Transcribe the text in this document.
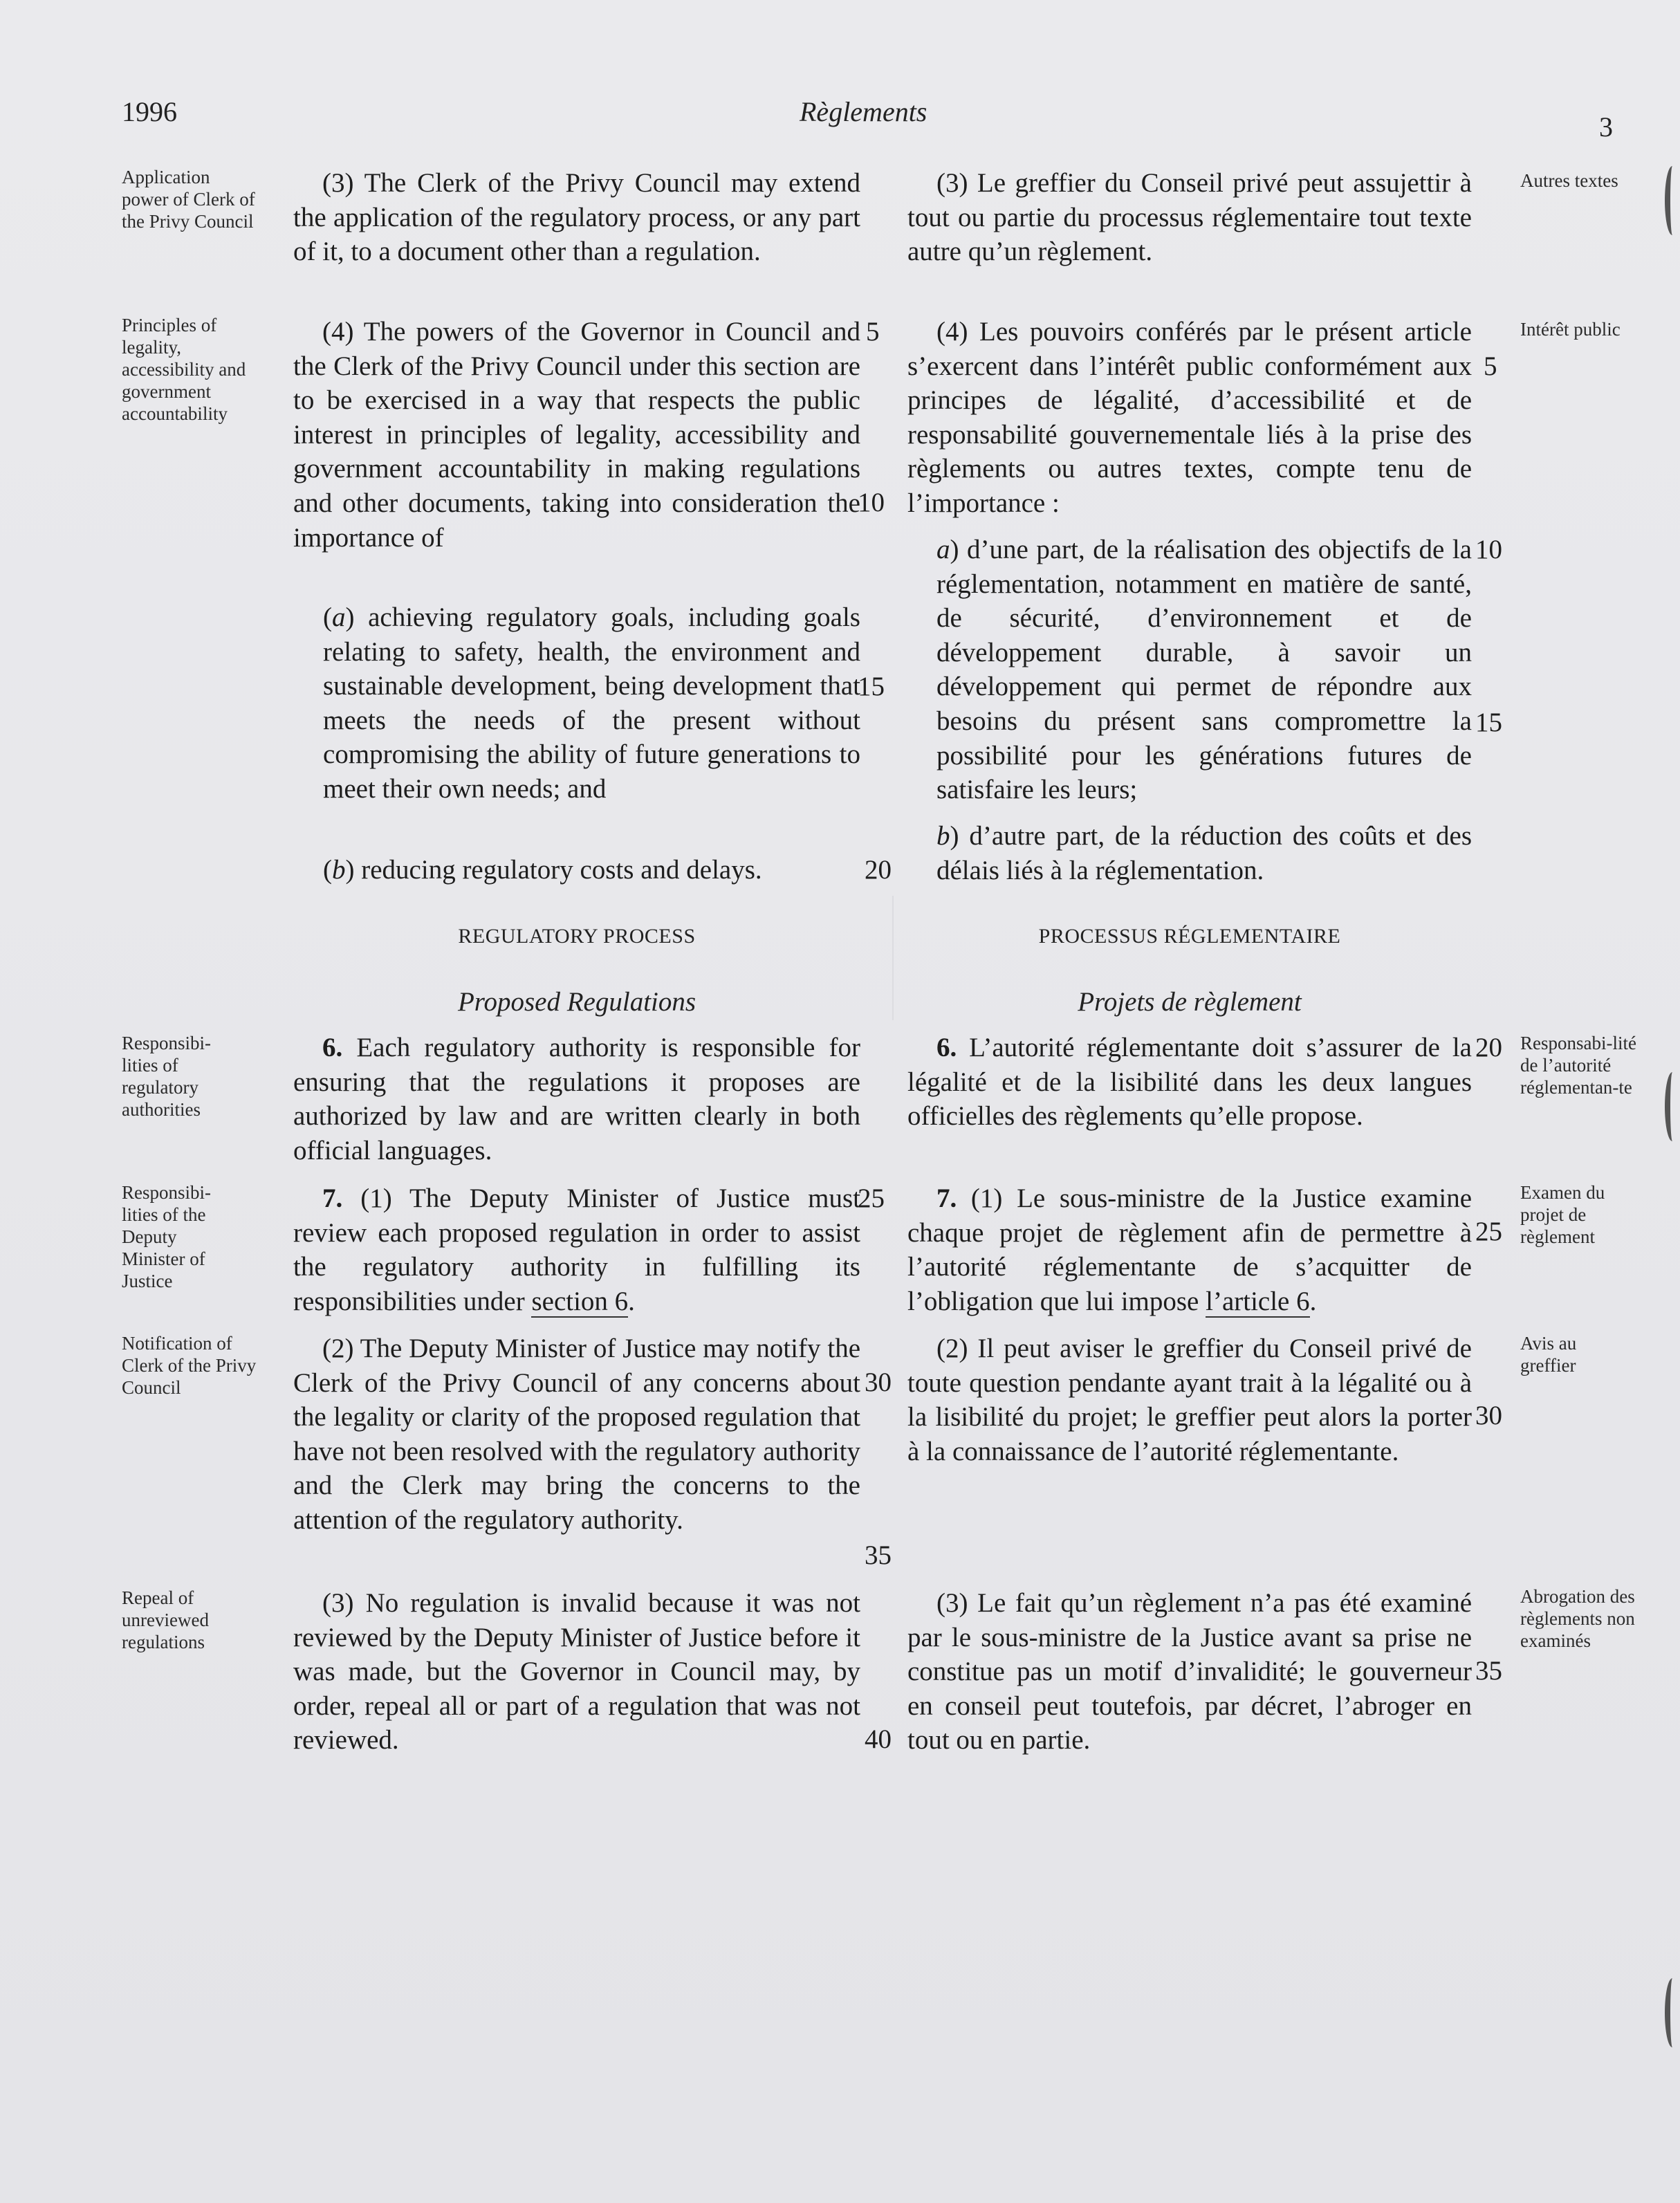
1996	Règlements	3
Application power of Clerk of the Privy Council
Principles of legality, accessibility and government accountability
Responsibi-lities of regulatory authorities
Responsibi-lities of the Deputy Minister of Justice
Notification of Clerk of the Privy Council
Repeal of unreviewed regulations
Autres textes
Intérêt public
Responsabi-lité de l’autorité réglementan-te
Examen du projet de règlement
Avis au greffier
Abrogation des règlements non examinés
(3) The Clerk of the Privy Council may extend the application of the regulatory process, or any part of it, to a document other than a regulation.
(4) The powers of the Governor in Council and the Clerk of the Privy Council under this section are to be exercised in a way that respects the public interest in principles of legality, accessibility and government accountability in making regulations and other documents, taking into consideration the importance of
(a) achieving regulatory goals, including goals relating to safety, health, the environment and sustainable development, being development that meets the needs of the present without compromising the ability of future generations to meet their own needs; and
(b) reducing regulatory costs and delays.
REGULATORY PROCESS
Proposed Regulations
6. Each regulatory authority is responsible for ensuring that the regulations it proposes are authorized by law and are written clearly in both official languages.
7. (1) The Deputy Minister of Justice must review each proposed regulation in order to assist the regulatory authority in fulfilling its responsibilities under section 6.
(2) The Deputy Minister of Justice may notify the Clerk of the Privy Council of any concerns about the legality or clarity of the proposed regulation that have not been resolved with the regulatory authority and the Clerk may bring the concerns to the attention of the regulatory authority.
(3) No regulation is invalid because it was not reviewed by the Deputy Minister of Justice before it was made, but the Governor in Council may, by order, repeal all or part of a regulation that was not reviewed.
5
10
15
20
25
30
35
40
(3) Le greffier du Conseil privé peut assujettir à tout ou partie du processus réglementaire tout texte autre qu’un règlement.
(4) Les pouvoirs conférés par le présent article s’exercent dans l’intérêt public conformément aux principes de légalité, d’accessibilité et de responsabilité gouvernementale liés à la prise des règlements ou autres textes, compte tenu de l’importance :
a) d’une part, de la réalisation des objectifs de la réglementation, notamment en matière de santé, de sécurité, d’environnement et de développement durable, à savoir un développement qui permet de répondre aux besoins du présent sans compromettre la possibilité pour les générations futures de satisfaire les leurs;
b) d’autre part, de la réduction des coûts et des délais liés à la réglementation.
PROCESSUS RÉGLEMENTAIRE
Projets de règlement
6. L’autorité réglementante doit s’assurer de la légalité et de la lisibilité dans les deux langues officielles des règlements qu’elle propose.
7. (1) Le sous-ministre de la Justice examine chaque projet de règlement afin de permettre à l’autorité réglementante de s’acquitter de l’obligation que lui impose l’article 6.
(2) Il peut aviser le greffier du Conseil privé de toute question pendante ayant trait à la légalité ou à la lisibilité du projet; le greffier peut alors la porter à la connaissance de l’autorité réglementante.
(3) Le fait qu’un règlement n’a pas été examiné par le sous-ministre de la Justice avant sa prise ne constitue pas un motif d’invalidité; le gouverneur en conseil peut toutefois, par décret, l’abroger en tout ou en partie.
5
10
15
20
25
30
35
